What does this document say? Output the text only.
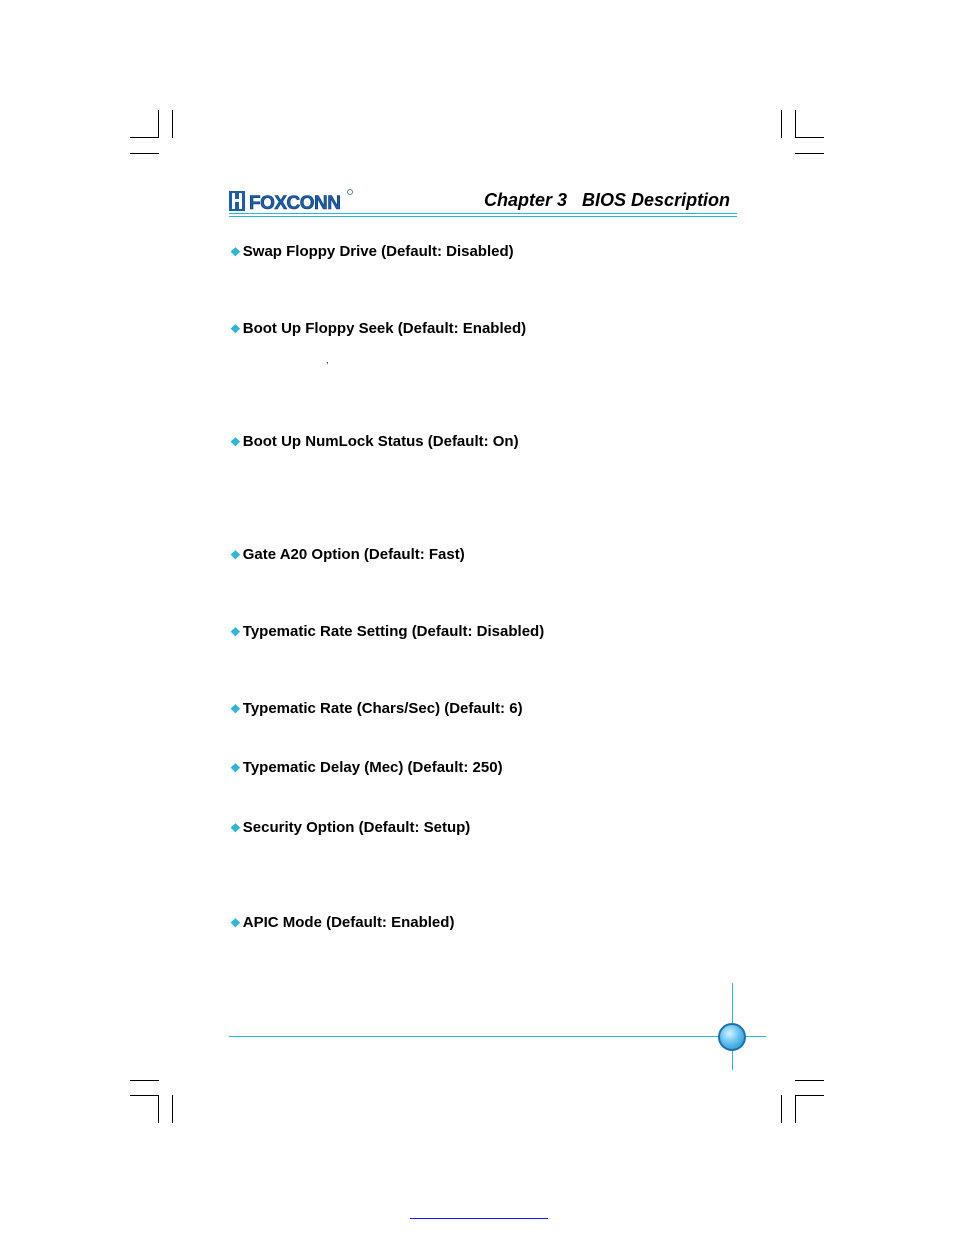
FOXCONN	Chapter 3   BIOS Description
❖ Swap Floppy Drive (Default: Disabled)
❖ Boot Up Floppy Seek (Default: Enabled)
,
❖ Boot Up NumLock Status (Default: On)
❖ Gate A20 Option (Default: Fast)
❖ Typematic Rate Setting (Default: Disabled)
❖ Typematic Rate (Chars/Sec) (Default: 6)
❖ Typematic Delay (Mec) (Default: 250)
❖ Security Option (Default: Setup)
❖ APIC Mode (Default: Enabled)
